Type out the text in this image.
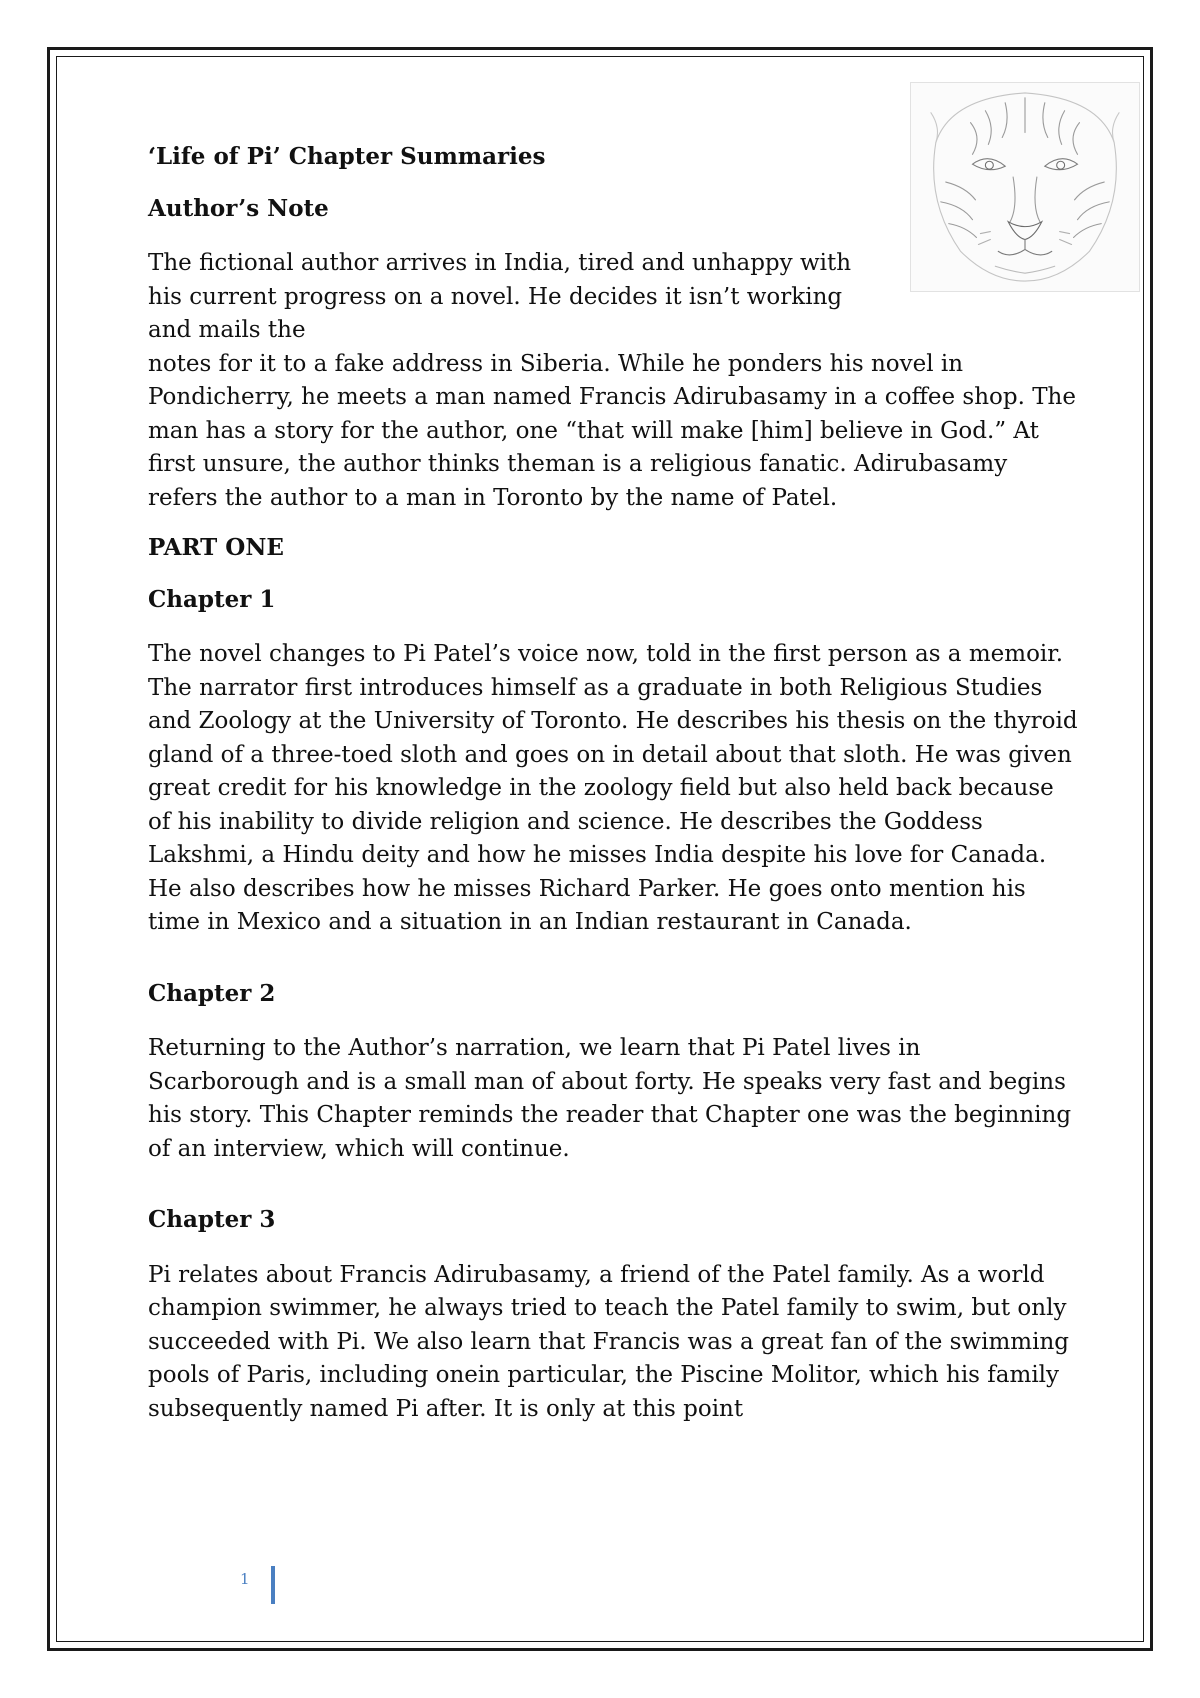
‘Life of Pi’ Chapter Summaries

Author’s Note

The fictional author arrives in India, tired and unhappy with his current progress on a novel. He decides it isn’t working and mails the

notes for it to a fake address in Siberia. While he ponders his novel in Pondicherry, he meets a man named Francis Adirubasamy in a coffee shop. The man has a story for the author, one “that will make [him] believe in God.” At first unsure, the author thinks theman is a religious fanatic. Adirubasamy refers the author to a man in Toronto by the name of Patel.

PART ONE

Chapter 1

The novel changes to Pi Patel’s voice now, told in the first person as a memoir. The narrator first introduces himself as a graduate in both Religious Studies and Zoology at the University of Toronto. He describes his thesis on the thyroid gland of a three-toed sloth and goes on in detail about that sloth. He was given great credit for his knowledge in the zoology field but also held back because of his inability to divide religion and science. He describes the Goddess Lakshmi, a Hindu deity and how he misses India despite his love for Canada. He also describes how he misses Richard Parker. He goes onto mention his time in Mexico and a situation in an Indian restaurant in Canada.

Chapter 2

Returning to the Author’s narration, we learn that Pi Patel lives in Scarborough and is a small man of about forty. He speaks very fast and begins his story. This Chapter reminds the reader that Chapter one was the beginning of an interview, which will continue.

Chapter 3

Pi relates about Francis Adirubasamy, a friend of the Patel family. As a world champion swimmer, he always tried to teach the Patel family to swim, but only succeeded with Pi. We also learn that Francis was a great fan of the swimming pools of Paris, including onein particular, the Piscine Molitor, which his family subsequently named Pi after. It is only at this point

1
